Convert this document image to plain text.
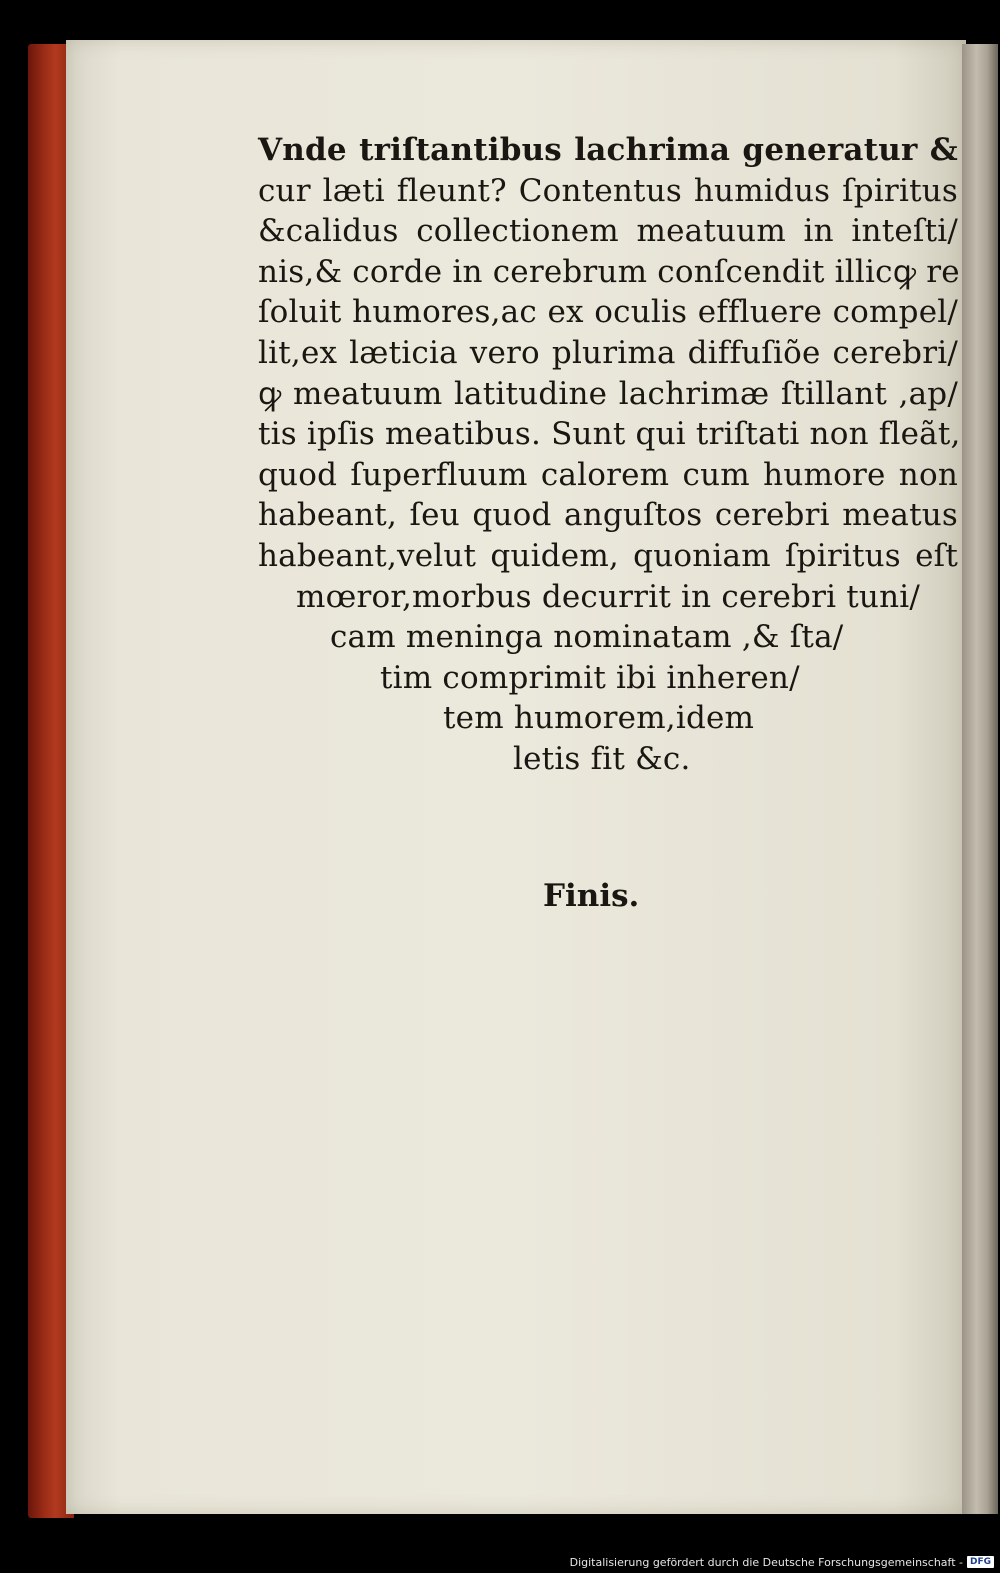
Vnde triſtantibus lachrima generatur &
cur læti fleunt? Contentus humidus ſpiritus
&calidus collectionem meatuum in inteſti/
nis,& corde in cerebrum conſcendit illicꝙ re
ſoluit humores,ac ex oculis effluere compel/
lit,ex læticia vero plurima diffuſiõe cerebri/
ꝙ meatuum latitudine lachrimæ ſtillant ,ap/
tis ipſis meatibus. Sunt qui triſtati non fleãt,
quod ſuperfluum calorem cum humore non
habeant, ſeu quod anguſtos cerebri meatus
habeant,velut quidem, quoniam ſpiritus eſt
mœror,morbus decurrit in cerebri tuni/
cam meninga nominatam ,& ſta/
tim comprimit ibi inheren/
tem humorem,idem
letis fit &c.
Finis.
Digitalisierung gefördert durch die Deutsche Forschungsgemeinschaft - DFG
